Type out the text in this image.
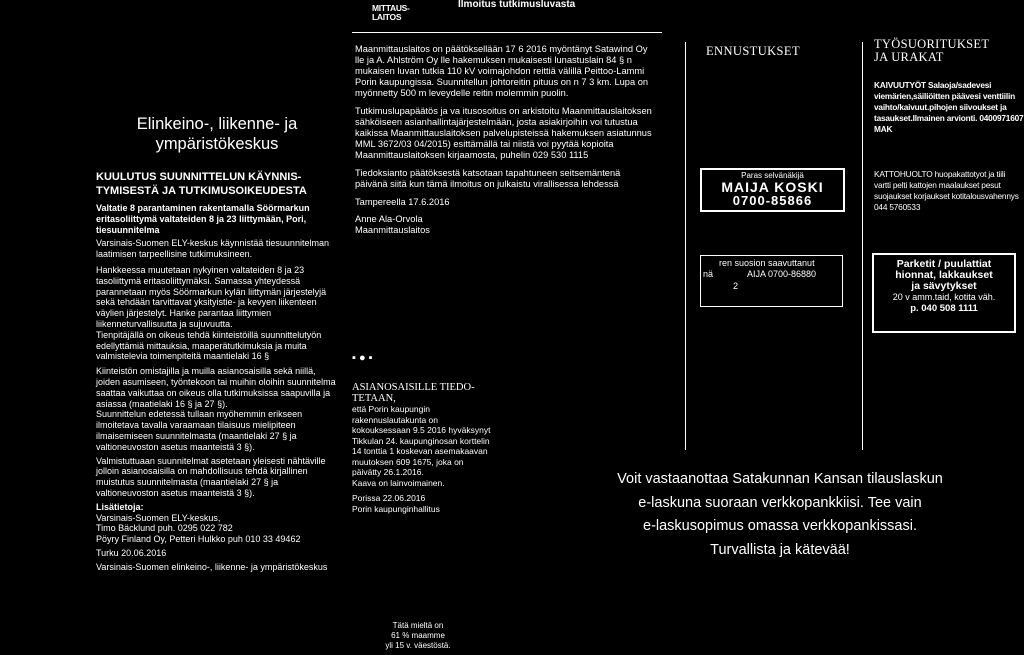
MITTAUS-
LAITOS
Ilmoitus tutkimusluvasta
Elinkeino-, liikenne- ja
ympäristökeskus
KUULUTUS SUUNNITTELUN KÄYNNIS-
TYMISESTÄ JA TUTKIMUSOIKEUDESTA

Valtatie 8 parantaminen rakentamalla Söörmarkun eritasoliittymä valtateiden 8 ja 23 liittymään, Pori, tiesuunnitelma

Varsinais-Suomen ELY-keskus käynnistää tiesuunnitelman laatimisen tarpeellisine tutkimuksineen.

Hankkeessa muutetaan nykyinen valtateiden 8 ja 23 tasoliittymä eritasoliittymäksi. Samassa yhteydessä parannetaan myös Söörmarkun kylän liittymän järjestelyjä sekä tehdään tarvittavat yksityistie- ja kevyen liikenteen väylien järjestelyt. Hanke parantaa liittymien liikenneturvallisuutta ja sujuvuutta.

Tienpitäjällä on oikeus tehdä kiinteistöillä suunnittelutyön edellyttämiä mittauksia, maaperätutkimuksia ja muita valmistelevia toimenpiteitä maantielaki 16 §

Kiinteistön omistajilla ja muilla asianosaisilla sekä niillä, joiden asumiseen, työntekoon tai muihin oloihin suunnitelma saattaa vaikuttaa on oikeus olla tutkimuksissa saapuvilla ja asiassa (maatielaki 16 § ja 27 §).

Suunnittelun edetessä tullaan myöhemmin erikseen ilmoitetava tavalla varaamaan tilaisuus mielipiteen ilmaisemiseen suunnitelmasta (maantielaki 27 § ja valtioneuvoston asetus maanteistä 3 §).

Valmistuttuaan suunnitelmat asetetaan yleisesti nähtäville jolloin asianosaisilla on mahdollisuus tehdä kirjallinen muistutus suunnitelmasta (maantielaki 27 § ja valtioneuvoston asetus maanteistä 3 §).

Lisätietoja:

Varsinais-Suomen ELY-keskus,

Timo Bäcklund puh. 0295 022 782

Pöyry Finland Oy, Petteri Hulkko puh 010 33 49462

Turku 20.06.2016

Varsinais-Suomen elinkeino-, liikenne- ja ympäristökeskus

Maanmittauslaitos on päätöksellään 17 6 2016 myöntänyt Satawind Oy lle ja A. Ahlström Oy lle hakemuksen mukaisesti lunastuslain 84 § n mukaisen luvan tutkia 110 kV voimajohdon reittiä välillä Peittoo-Lammi Porin kaupungissa. Suunnitellun johtoreitin pituus on n 7 3 km. Lupa on myönnetty 500 m leveydelle reitin molemmin puolin.

Tutkimuslupapäätös ja va itusosoitus on arkistoitu Maanmittauslaitoksen sähköiseen asianhallintajärjestelmään, josta asiakirjoihin voi tutustua kaikissa Maanmittauslaitoksen palvelupisteissä hakemuksen asiatunnus MML 3672/03 04/2015) esittämällä tai niistä voi pyytää kopioita Maanmittauslaitoksen kirjaamosta, puhelin 029 530 1115

Tiedoksianto päätöksestä katsotaan tapahtuneen seitsemäntenä päivänä siitä kun tämä ilmoitus on julkaistu virallisessa lehdessä

Tampereella 17.6.2016

Anne Ala-Orvola

Maanmittauslaitos

▪ ● ▪
ASIANOSAISILLE TIEDO-
TETAAN,

että Porin kaupungin rakennuslautakunta on kokouksessaan 9.5 2016 hyväksynyt Tikkulan 24. kaupunginosan korttelin 14 tonttia 1 koskevan asemakaavan muutoksen 609 1675, joka on päivätty 26.1.2016.

Kaava on lainvoimainen.

Porissa 22.06.2016

Porin kaupunginhallitus

ENNUSTUKSET
Paras selvänäkijä
MAIJA KOSKI
0700-85866
ren suosion saavuttanut
nä	AIJA 0700-86880
2
TYÖSUORITUKSET
JA URAKAT

KAIVUUTYÖT Salaoja/sadevesi viemärien,säiliöitten päävesi venttiilin vaihto/kaivuut.pihojen siivoukset ja tasaukset.Ilmainen arvionti. 0400971607 MAK

KATTOHUOLTO huopakattotyot ja tiili vartti pelti kattojen maalaukset pesut suojaukset korjaukset kotitalousvahennys 044 5760533

Parketit / puulattiat
hionnat, lakkaukset
ja sävytykset
20 v amm.taid, kotita väh.
p. 040 508 1111
Voit vastaanottaa Satakunnan Kansan tilauslaskun
e-laskuna suoraan verkkopankkiisi. Tee vain
e-laskusopimus omassa verkkopankissasi.
Turvallista ja kätevää!
Tätä mieltä on
61 % maamme
yli 15 v. väestöstä.
